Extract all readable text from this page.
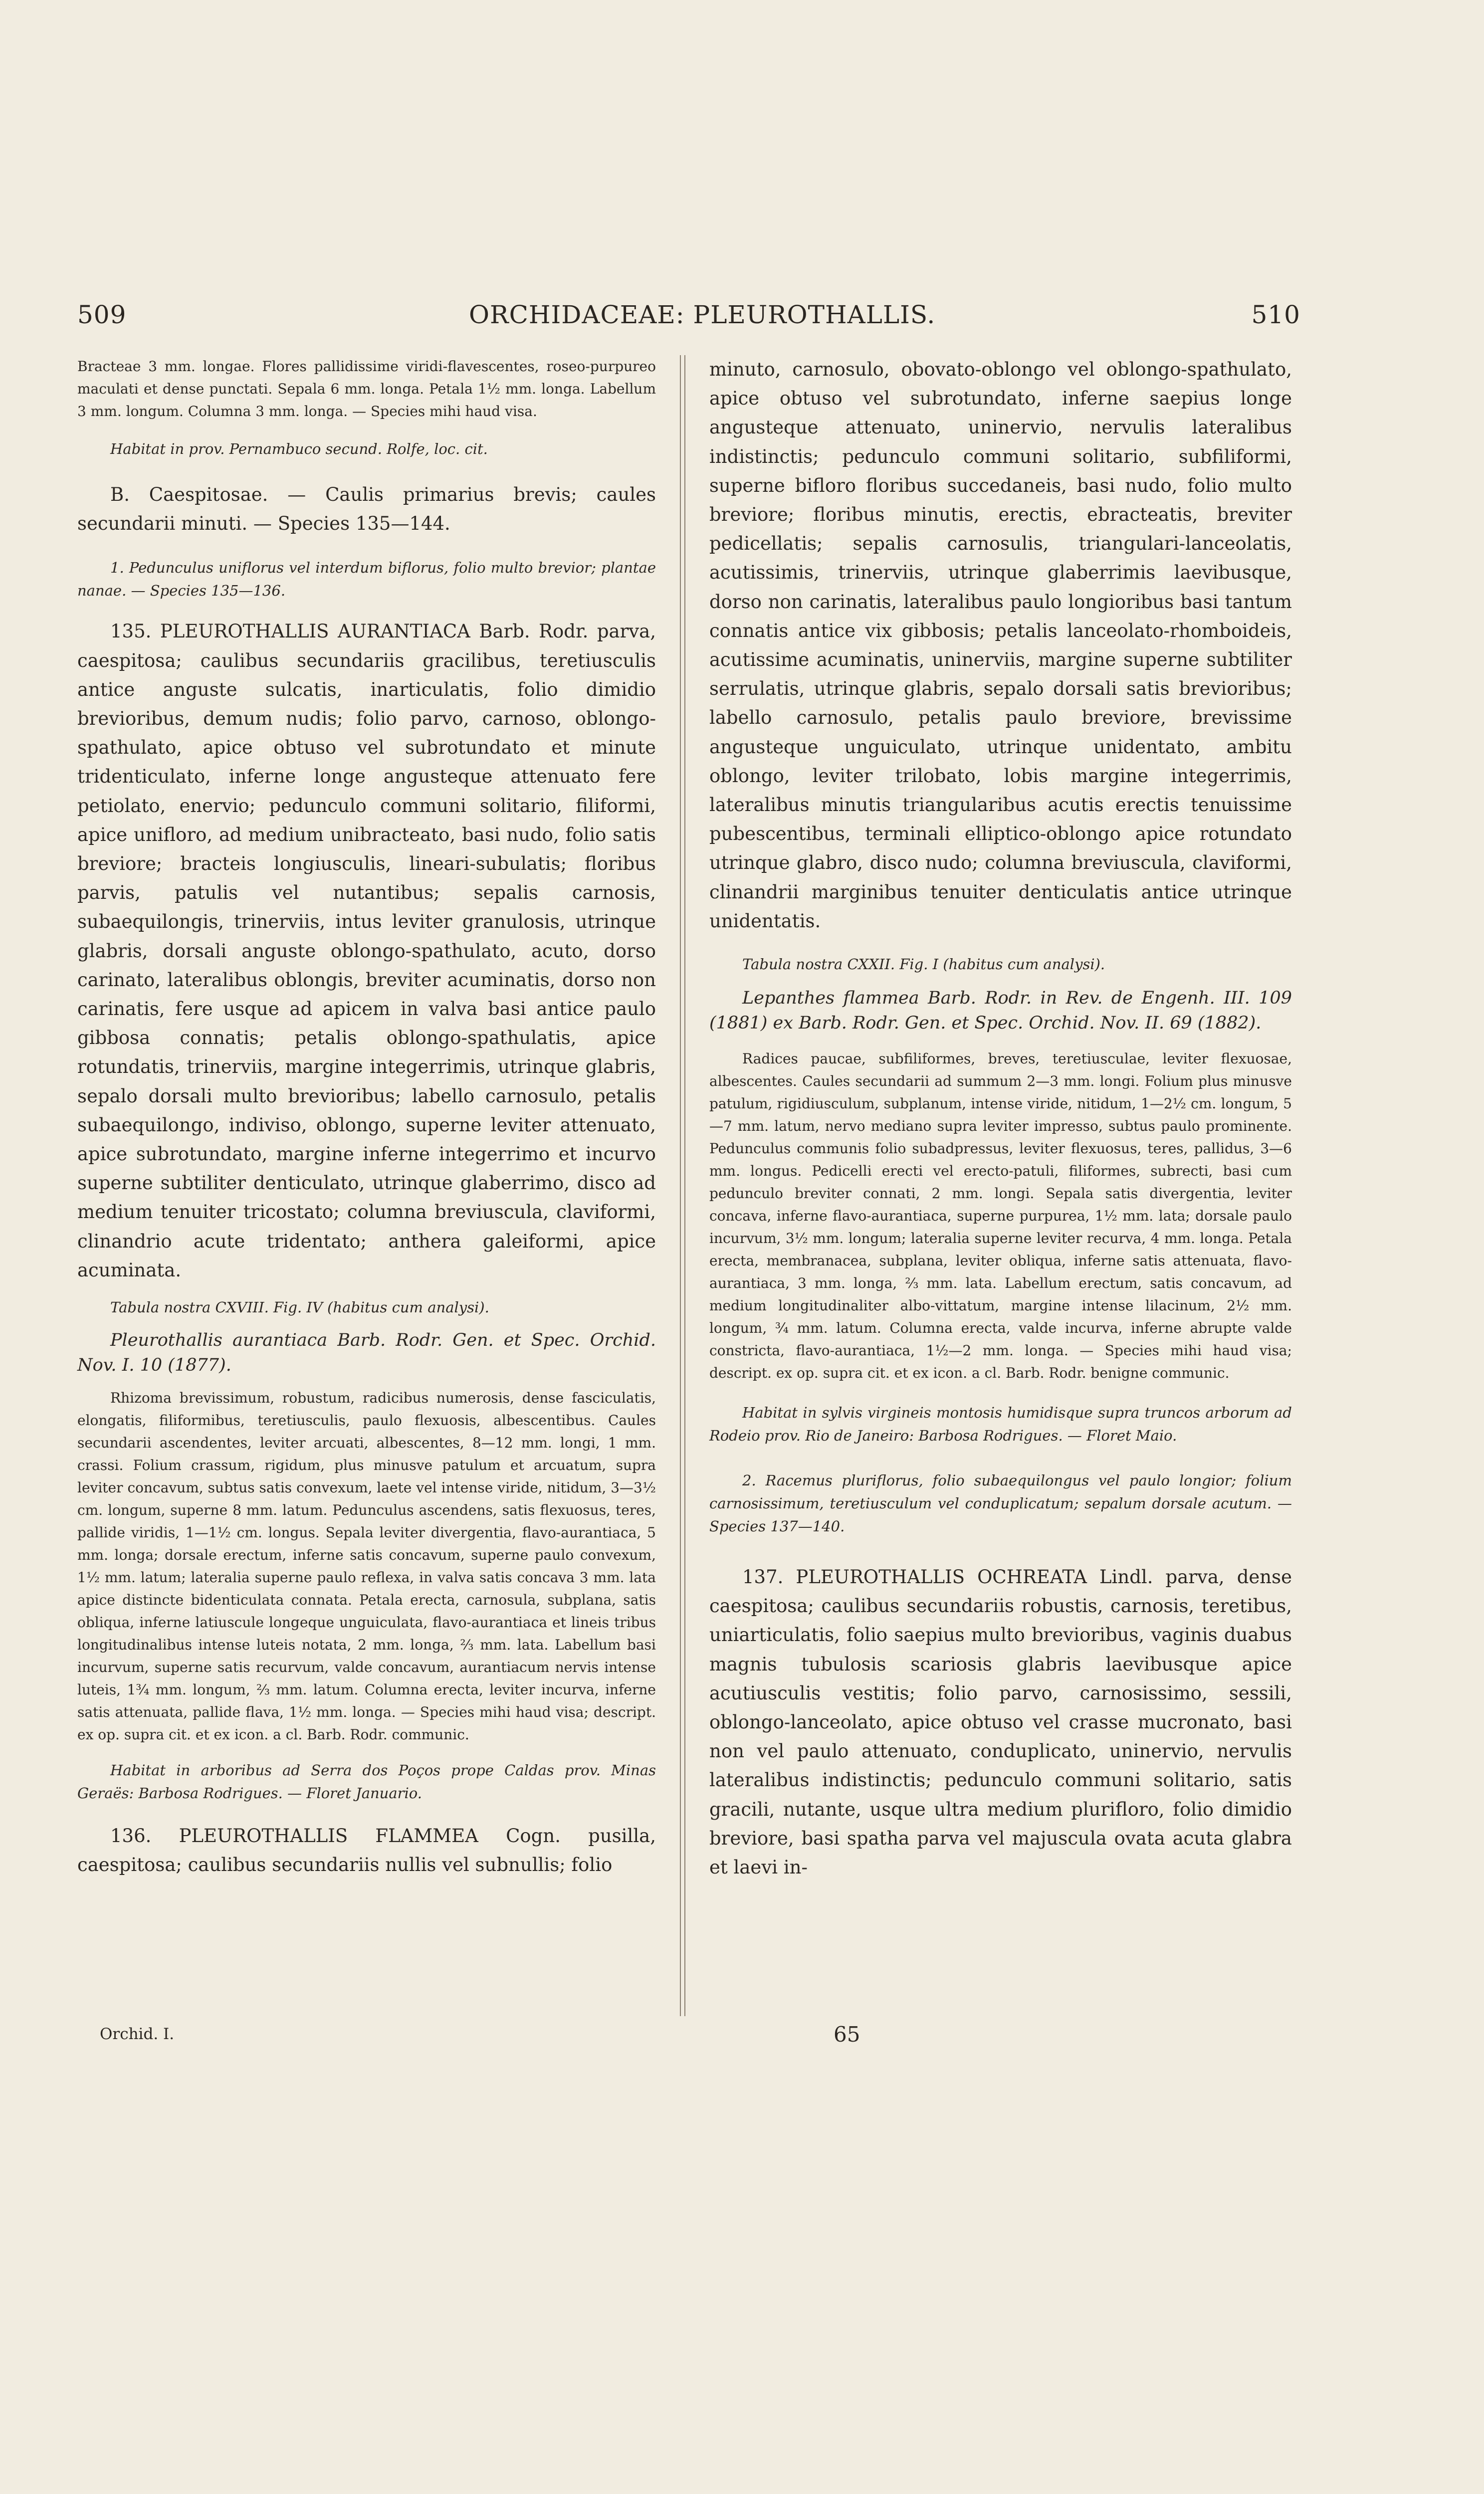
509	ORCHIDACEAE: PLEUROTHALLIS.	510

Bracteae 3 mm. longae. Flores pallidissime viridi-flavescentes, roseo-purpureo maculati et dense punctati. Sepala 6 mm. longa. Petala 1½ mm. longa. Labellum 3 mm. longum. Columna 3 mm. longa. — Species mihi haud visa.

Habitat in prov. Pernambuco secund. Rolfe, loc. cit.

B. Caespitosae. — Caulis primarius brevis; caules secundarii minuti. — Species 135—144.

1. Pedunculus uniflorus vel interdum biflorus, folio multo brevior; plantae nanae. — Species 135—136.

135. PLEUROTHALLIS AURANTIACA Barb. Rodr. parva, caespitosa; caulibus secundariis gracilibus, teretiusculis antice anguste sulcatis, inarticulatis, folio dimidio brevioribus, demum nudis; folio parvo, carnoso, oblongo-spathulato, apice obtuso vel subrotundato et minute tridenticulato, inferne longe angusteque attenuato fere petiolato, enervio; pedunculo communi solitario, filiformi, apice unifloro, ad medium unibracteato, basi nudo, folio satis breviore; bracteis longiusculis, lineari-subulatis; floribus parvis, patulis vel nutantibus; sepalis carnosis, subaequilongis, trinerviis, intus leviter granulosis, utrinque glabris, dorsali anguste oblongo-spathulato, acuto, dorso carinato, lateralibus oblongis, breviter acuminatis, dorso non carinatis, fere usque ad apicem in valva basi antice paulo gibbosa connatis; petalis oblongo-spathulatis, apice rotundatis, trinerviis, margine integerrimis, utrinque glabris, sepalo dorsali multo brevioribus; labello carnosulo, petalis subaequilongo, indiviso, oblongo, superne leviter attenuato, apice subrotundato, margine inferne integerrimo et incurvo superne subtiliter denticulato, utrinque glaberrimo, disco ad medium tenuiter tricostato; columna breviuscula, claviformi, clinandrio acute tridentato; anthera galeiformi, apice acuminata.

Tabula nostra CXVIII. Fig. IV (habitus cum analysi).

Pleurothallis aurantiaca Barb. Rodr. Gen. et Spec. Orchid. Nov. I. 10 (1877).

Rhizoma brevissimum, robustum, radicibus numerosis, dense fasciculatis, elongatis, filiformibus, teretiusculis, paulo flexuosis, albescentibus. Caules secundarii ascendentes, leviter arcuati, albescentes, 8—12 mm. longi, 1 mm. crassi. Folium crassum, rigidum, plus minusve patulum et arcuatum, supra leviter concavum, subtus satis convexum, laete vel intense viride, nitidum, 3—3½ cm. longum, superne 8 mm. latum. Pedunculus ascendens, satis flexuosus, teres, pallide viridis, 1—1½ cm. longus. Sepala leviter divergentia, flavo-aurantiaca, 5 mm. longa; dorsale erectum, inferne satis concavum, superne paulo convexum, 1½ mm. latum; lateralia superne paulo reflexa, in valva satis concava 3 mm. lata apice distincte bidenticulata connata. Petala erecta, carnosula, subplana, satis obliqua, inferne latiuscule longeque unguiculata, flavo-aurantiaca et lineis tribus longitudinalibus intense luteis notata, 2 mm. longa, ⅔ mm. lata. Labellum basi incurvum, superne satis recurvum, valde concavum, aurantiacum nervis intense luteis, 1¾ mm. longum, ⅔ mm. latum. Columna erecta, leviter incurva, inferne satis attenuata, pallide flava, 1½ mm. longa. — Species mihi haud visa; descript. ex op. supra cit. et ex icon. a cl. Barb. Rodr. communic.

Habitat in arboribus ad Serra dos Poços prope Caldas prov. Minas Geraës: Barbosa Rodrigues. — Floret Januario.

136. PLEUROTHALLIS FLAMMEA Cogn. pusilla, caespitosa; caulibus secundariis nullis vel subnullis; folio

minuto, carnosulo, obovato-oblongo vel oblongo-spathulato, apice obtuso vel subrotundato, inferne saepius longe angusteque attenuato, uninervio, nervulis lateralibus indistinctis; pedunculo communi solitario, subfiliformi, superne bifloro floribus succedaneis, basi nudo, folio multo breviore; floribus minutis, erectis, ebracteatis, breviter pedicellatis; sepalis carnosulis, triangulari-lanceolatis, acutissimis, trinerviis, utrinque glaberrimis laevibusque, dorso non carinatis, lateralibus paulo longioribus basi tantum connatis antice vix gibbosis; petalis lanceolato-rhomboideis, acutissime acuminatis, uninerviis, margine superne subtiliter serrulatis, utrinque glabris, sepalo dorsali satis brevioribus; labello carnosulo, petalis paulo breviore, brevissime angusteque unguiculato, utrinque unidentato, ambitu oblongo, leviter trilobato, lobis margine integerrimis, lateralibus minutis triangularibus acutis erectis tenuissime pubescentibus, terminali elliptico-oblongo apice rotundato utrinque glabro, disco nudo; columna breviuscula, claviformi, clinandrii marginibus tenuiter denticulatis antice utrinque unidentatis.

Tabula nostra CXXII. Fig. I (habitus cum analysi).

Lepanthes flammea Barb. Rodr. in Rev. de Engenh. III. 109 (1881) ex Barb. Rodr. Gen. et Spec. Orchid. Nov. II. 69 (1882).

Radices paucae, subfiliformes, breves, teretiusculae, leviter flexuosae, albescentes. Caules secundarii ad summum 2—3 mm. longi. Folium plus minusve patulum, rigidiusculum, subplanum, intense viride, nitidum, 1—2½ cm. longum, 5—7 mm. latum, nervo mediano supra leviter impresso, subtus paulo prominente. Pedunculus communis folio subadpressus, leviter flexuosus, teres, pallidus, 3—6 mm. longus. Pedicelli erecti vel erecto-patuli, filiformes, subrecti, basi cum pedunculo breviter connati, 2 mm. longi. Sepala satis divergentia, leviter concava, inferne flavo-aurantiaca, superne purpurea, 1½ mm. lata; dorsale paulo incurvum, 3½ mm. longum; lateralia superne leviter recurva, 4 mm. longa. Petala erecta, membranacea, subplana, leviter obliqua, inferne satis attenuata, flavo-aurantiaca, 3 mm. longa, ⅔ mm. lata. Labellum erectum, satis concavum, ad medium longitudinaliter albo-vittatum, margine intense lilacinum, 2½ mm. longum, ¾ mm. latum. Columna erecta, valde incurva, inferne abrupte valde constricta, flavo-aurantiaca, 1½—2 mm. longa. — Species mihi haud visa; descript. ex op. supra cit. et ex icon. a cl. Barb. Rodr. benigne communic.

Habitat in sylvis virgineis montosis humidisque supra truncos arborum ad Rodeio prov. Rio de Janeiro: Barbosa Rodrigues. — Floret Maio.

2. Racemus pluriflorus, folio subaequilongus vel paulo longior; folium carnosissimum, teretiusculum vel conduplicatum; sepalum dorsale acutum. — Species 137—140.

137. PLEUROTHALLIS OCHREATA Lindl. parva, dense caespitosa; caulibus secundariis robustis, carnosis, teretibus, uniarticulatis, folio saepius multo brevioribus, vaginis duabus magnis tubulosis scariosis glabris laevibusque apice acutiusculis vestitis; folio parvo, carnosissimo, sessili, oblongo-lanceolato, apice obtuso vel crasse mucronato, basi non vel paulo attenuato, conduplicato, uninervio, nervulis lateralibus indistinctis; pedunculo communi solitario, satis gracili, nutante, usque ultra medium plurifloro, folio dimidio breviore, basi spatha parva vel majuscula ovata acuta glabra et laevi in-

Orchid. I.	65
